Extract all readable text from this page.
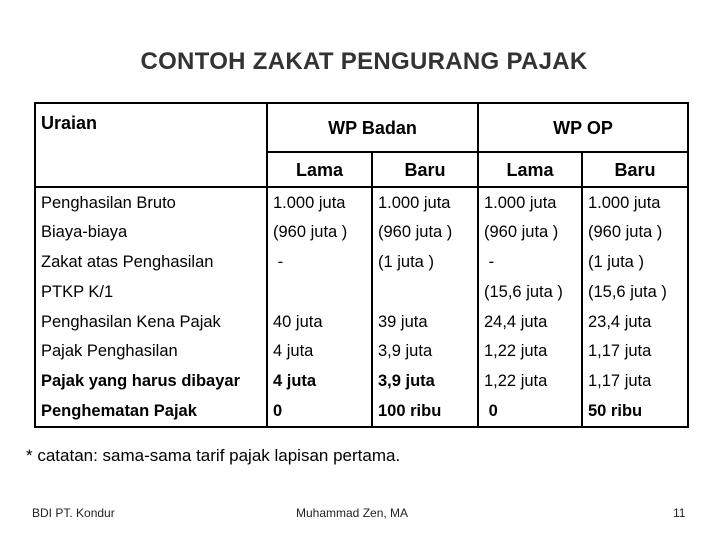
CONTOH ZAKAT PENGURANG PAJAK
Uraian	WP Badan		WP OP	
	Lama	Baru	Lama	Baru
Penghasilan Bruto	1.000 juta	1.000 juta	1.000 juta	1.000 juta
Biaya-biaya	(960 juta )	(960 juta )	(960 juta )	(960 juta )
Zakat atas Penghasilan	-	(1 juta )	-	(1 juta )
PTKP K/1			(15,6 juta )	(15,6 juta )
Penghasilan Kena Pajak	40 juta	39 juta	24,4 juta	23,4 juta
Pajak Penghasilan	4 juta	3,9 juta	1,22 juta	1,17 juta
Pajak yang harus dibayar	4 juta	3,9 juta	1,22 juta	1,17 juta
Penghematan Pajak	0	100 ribu	0	50 ribu
* catatan: sama-sama tarif pajak lapisan pertama.
BDI PT. Kondur	Muhammad Zen, MA	11
